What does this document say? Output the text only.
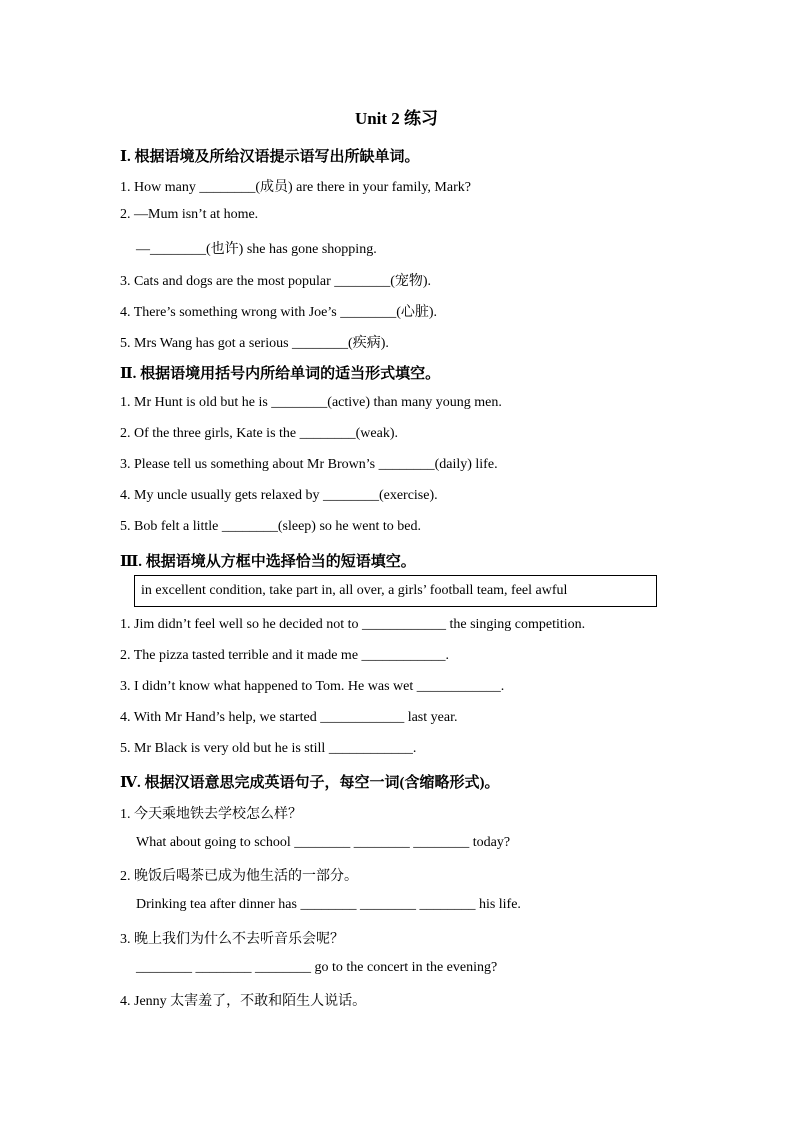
Unit 2 练习
Ⅰ. 根据语境及所给汉语提示语写出所缺单词。
1. How many ________(成员) are there in your family, Mark?
2. —Mum isn’t at home.
—________(也许) she has gone shopping.
3. Cats and dogs are the most popular ________(宠物).
4. There’s something wrong with Joe’s ________(心脏).
5. Mrs Wang has got a serious ________(疾病).
Ⅱ. 根据语境用括号内所给单词的适当形式填空。
1. Mr Hunt is old but he is ________(active) than many young men.
2. Of the three girls, Kate is the ________(weak).
3. Please tell us something about Mr Brown’s ________(daily) life.
4. My uncle usually gets relaxed by ________(exercise).
5. Bob felt a little ________(sleep) so he went to bed.
Ⅲ. 根据语境从方框中选择恰当的短语填空。
in excellent condition, take part in, all over, a girls’ football team, feel awful
1. Jim didn’t feel well so he decided not to ____________ the singing competition.
2. The pizza tasted terrible and it made me ____________.
3. I didn’t know what happened to Tom. He was wet ____________.
4. With Mr Hand’s help, we started ____________ last year.
5. Mr Black is very old but he is still ____________.
Ⅳ. 根据汉语意思完成英语句子，每空一词(含缩略形式)。
1. 今天乘地铁去学校怎么样？
What about going to school ________ ________ ________ today?
2. 晚饭后喝茶已成为他生活的一部分。
Drinking tea after dinner has ________ ________ ________ his life.
3. 晚上我们为什么不去听音乐会呢？
________ ________ ________ go to the concert in the evening?
4. Jenny 太害羞了，不敢和陌生人说话。
